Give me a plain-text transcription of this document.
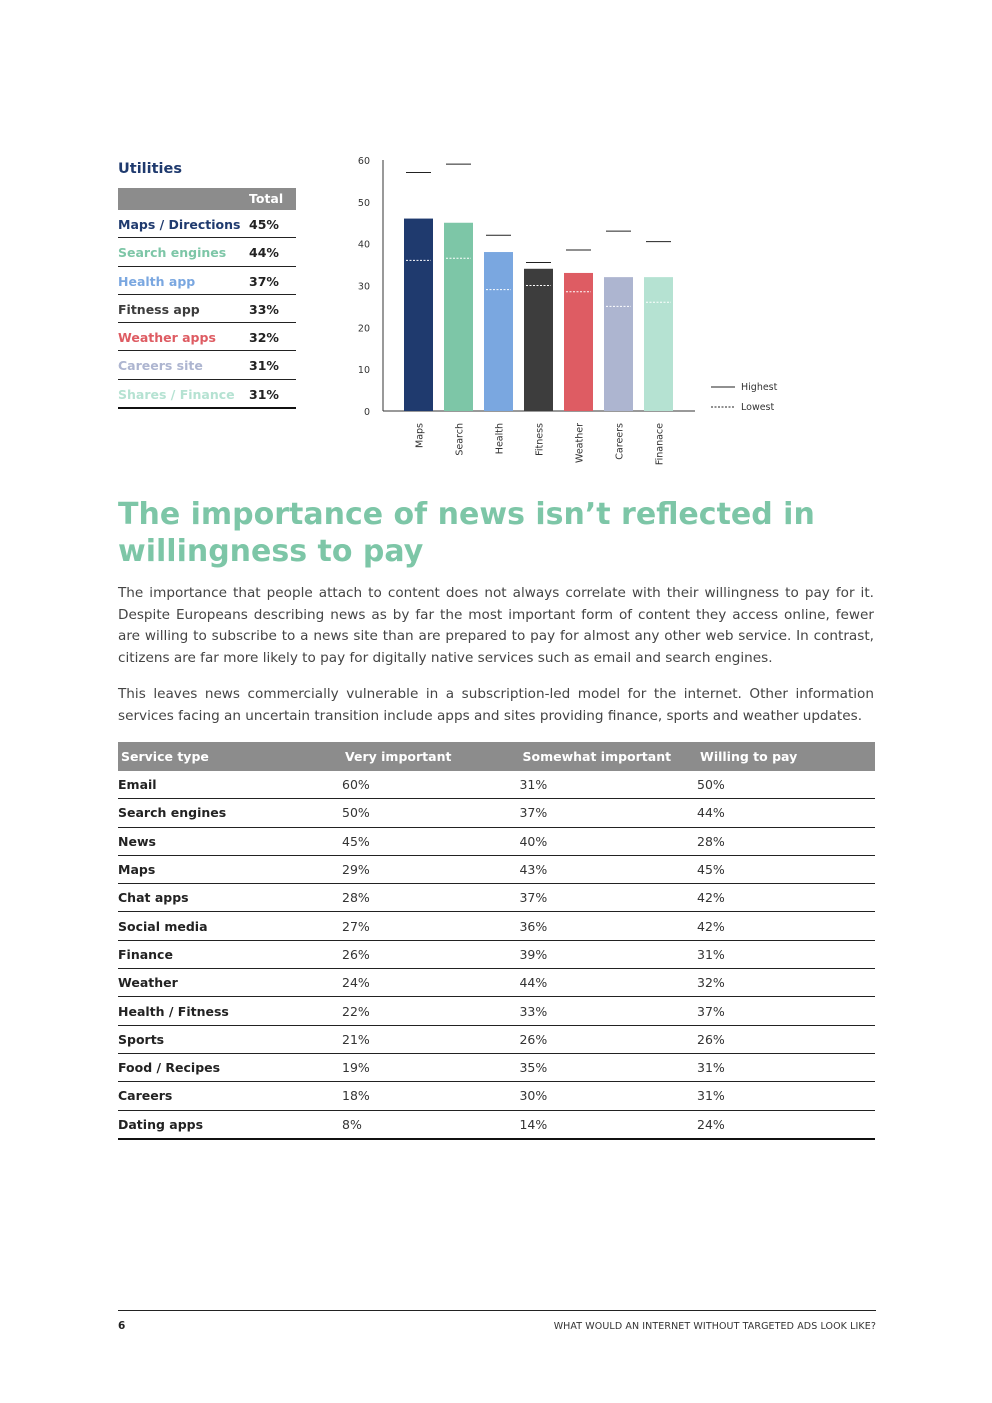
Utilities
Total
Maps / Directions 45%
Search engines 44%
Health app	37%
Fitness app	33%
Weather apps	32%
Careers site	31%
Shares / Finance 31%
0
10
20
30
40
50
60
Maps	Search	Health	Fitness	Weather	Careers	Finanace
Highest
Lowest
The importance of news isn’t reflected in willingness to pay

The importance that people attach to content does not always correlate with their willingness to pay for it. Despite Europeans describing news as by far the most important form of content they access online, fewer are willing to subscribe to a news site than are prepared to pay for almost any other web service. In contrast, citizens are far more likely to pay for digitally native services such as email and search engines.

This leaves news commercially vulnerable in a subscription-led model for the internet. Other information services facing an uncertain transition include apps and sites providing finance, sports and weather updates.

Service type	Very important	Somewhat important	Willing to pay
Email	60%	31%	50%
Search engines	50%	37%	44%
News	45%	40%	28%
Maps	29%	43%	45%
Chat apps	28%	37%	42%
Social media	27%	36%	42%
Finance	26%	39%	31%
Weather	24%	44%	32%
Health / Fitness	22%	33%	37%
Sports	21%	26%	26%
Food / Recipes	19%	35%	31%
Careers	18%	30%	31%
Dating apps	8%	14%	24%
6	WHAT WOULD AN INTERNET WITHOUT TARGETED ADS LOOK LIKE?
